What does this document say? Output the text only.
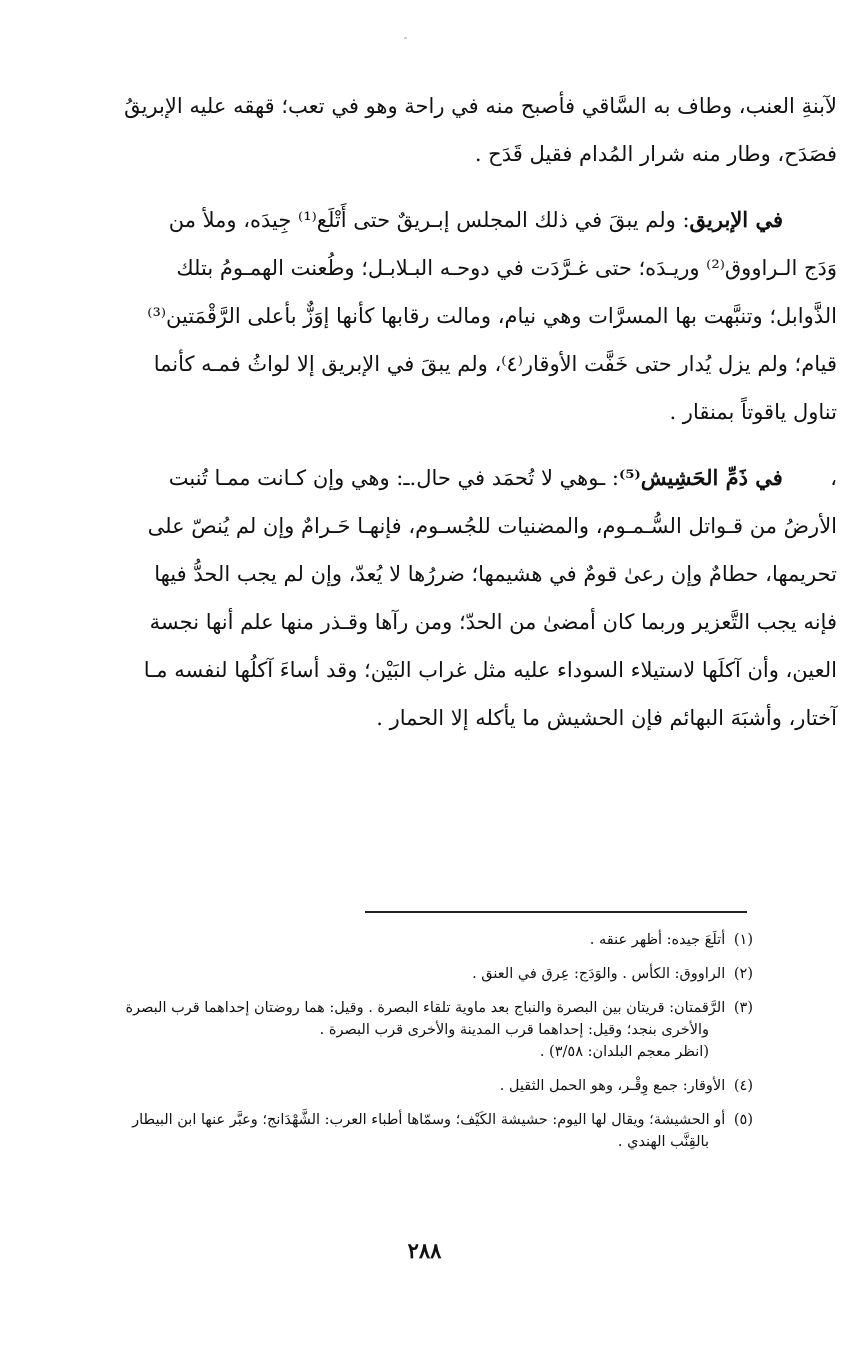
لآبنةِ العنب، وطاف به السَّاقي فأصبح منه في راحة وهو في تعب؛ قهقه عليه الإبريقُ
فصَدَح، وطار منه شرار المُدام فقيل قَدَح .

في الإبريق: ولم يبقَ في ذلك المجلس إبـريقٌ حتى أَتْلَع⁽¹⁾ جِيدَه، وملأ من
وَدَج الـراووق⁽²⁾ وريـدَه؛ حتى غـرَّدَت في دوحـه البـلابـل؛ وطُعنت الهمـومُ بتلك
الذَّوابل؛ وتنبَّهت بها المسرَّات وهي نيام، ومالت رقابها كأنها إوَزٌّ بأعلى الرَّقْمَتين⁽³⁾
قيام؛ ولم يزل يُدار حتى خَفَّت الأوقار⁽٤⁾، ولم يبقَ في الإبريق إلا لواثُ فمـه كأنما
تناول ياقوتاً بمنقار .

،  في ذَمِّ الحَشِيش⁽⁵⁾: ـوهي لا تُحمَد في حال.ـ: وهي وإن كـانت ممـا تُنبت
الأرضُ من قـواتل السُّـمـوم، والمضنيات للجُسـوم، فإنهـا حَـرامٌ وإن لم يُنصّ على
تحريمها، حطامٌ وإن رعىٰ قومٌ في هشيمها؛ ضررُها لا يُعدّ، وإن لم يجب الحدُّ فيها
فإنه يجب التَّعزير وربما كان أمضىٰ من الحدّ؛ ومن رآها وقـذر منها علم أنها نجسة
العين، وأن آكلَها لاستيلاء السوداء عليه مثل غراب البَيْن؛ وقد أساءَ آكلُها لنفسه مـا
آختار، وأشبَهَ البهائم فإن الحشيش ما يأكله إلا الحمار .

(١) أتلَعَ جيده: أظهر عنقه .
(٢) الراووق: الكأس . والوَدَج: عِرق في العنق .
(٣) الرَّقمتان: قريتان بين البصرة والنباج بعد ماوية تلقاء البصرة . وقيل: هما روضتان إحداهما قرب البصرة
والأخرى بنجد؛ وقيل: إحداهما قرب المدينة والأخرى قرب البصرة .
(انظر معجم البلدان: ٣/٥٨) .
(٤) الأوقار: جمع وِقْـر، وهو الحمل الثقيل .
(٥) أو الحشيشة؛ ويقال لها اليوم: حشيشة الكَيْف؛ وسمّاها أطباء العرب: الشَّهْدَانج؛ وعبَّر عنها ابن البيطار
بالقِنَّب الهندي .
٢٨٨
